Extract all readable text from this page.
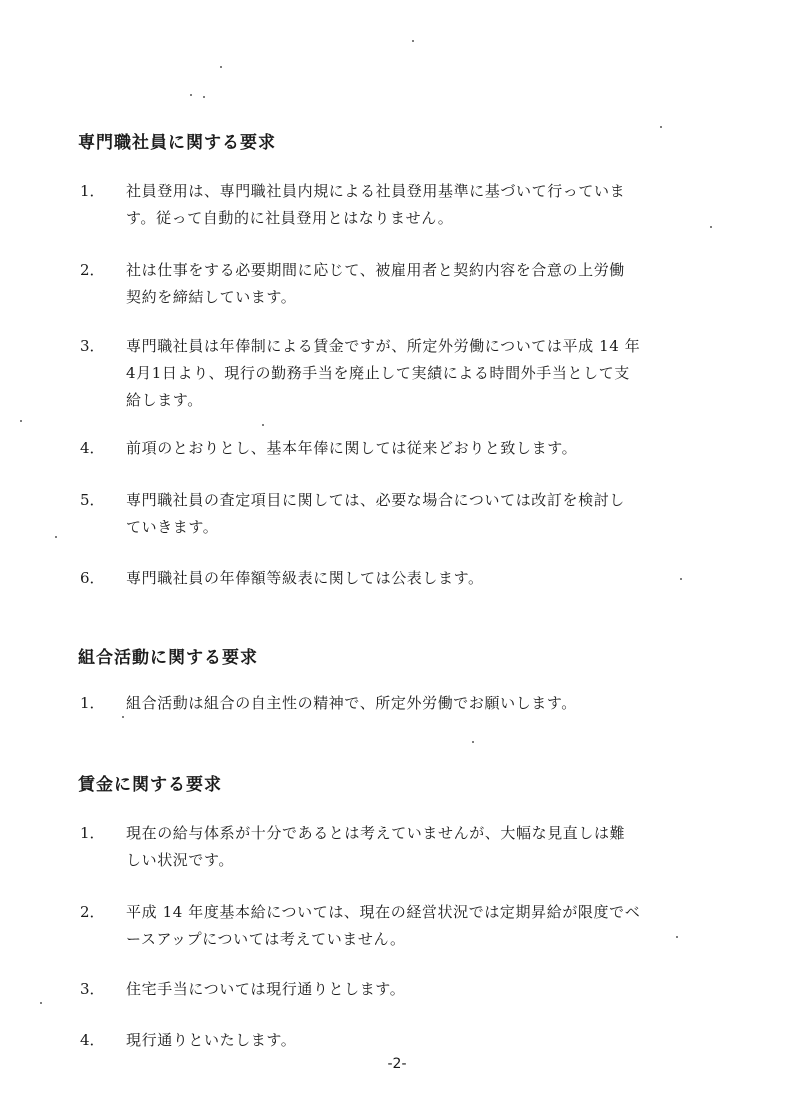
専門職社員に関する要求
1．	社員登用は、専門職社員内規による社員登用基準に基づいて行っていま
す。従って自動的に社員登用とはなりません。
2．	社は仕事をする必要期間に応じて、被雇用者と契約内容を合意の上労働
契約を締結しています。
3．	専門職社員は年俸制による賃金ですが、所定外労働については平成 14 年
4月1日より、現行の勤務手当を廃止して実績による時間外手当として支
給します。
4．	前項のとおりとし、基本年俸に関しては従来どおりと致します。
5．	専門職社員の査定項目に関しては、必要な場合については改訂を検討し
ていきます。
6．	専門職社員の年俸額等級表に関しては公表します。
組合活動に関する要求
1．	組合活動は組合の自主性の精神で、所定外労働でお願いします。
賃金に関する要求
1．	現在の給与体系が十分であるとは考えていませんが、大幅な見直しは難
しい状況です。
2．	平成 14 年度基本給については、現在の経営状況では定期昇給が限度でベ
ースアップについては考えていません。
3．	住宅手当については現行通りとします。
4．	現行通りといたします。
-2-
